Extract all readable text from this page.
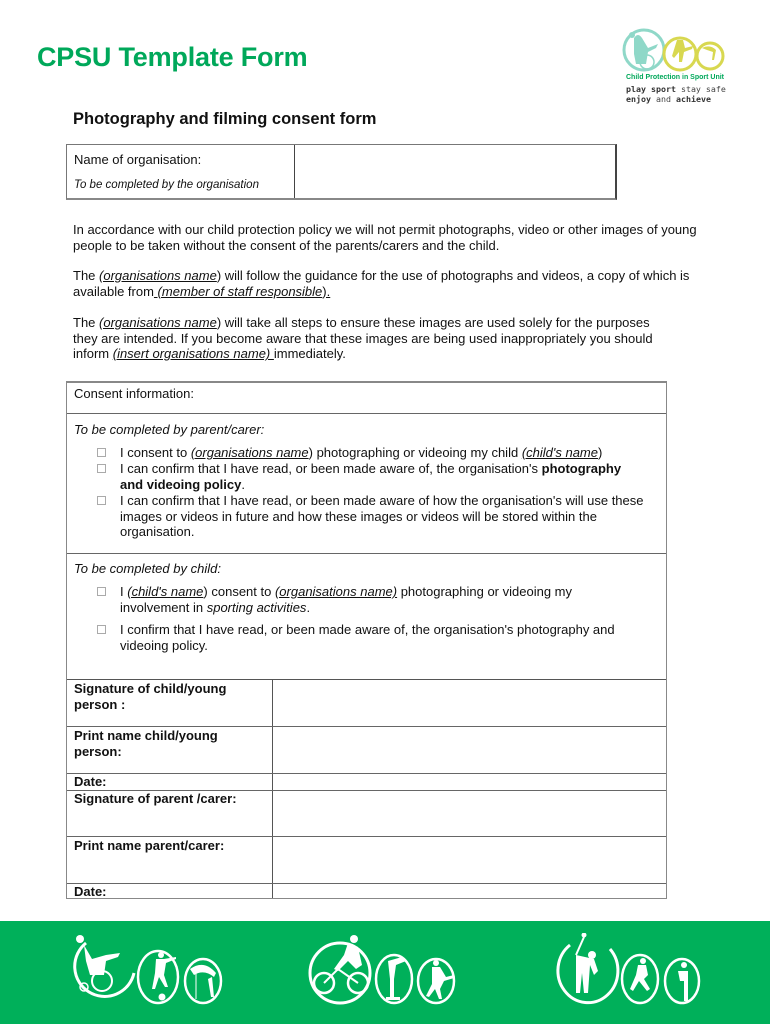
CPSU Template Form
Child Protection in Sport Unit
play sport stay safe
enjoy and achieve
Photography and filming consent form
Name of organisation:
To be completed by the organisation
In accordance with our child protection policy we will not permit photographs, video or other images of young people to be taken without the consent of the parents/carers and the child.
The (organisations name) will follow the guidance for the use of photographs and videos, a copy of which is available from (member of staff responsible).
The (organisations name) will take all steps to ensure these images are used solely for the purposes they are intended. If you become aware that these images are being used inappropriately you should inform (insert organisations name) immediately.
Consent information:
To be completed by parent/carer:
I consent to (organisations name) photographing or videoing my child (child's name)
I can confirm that I have read, or been made aware of, the organisation's photography and videoing policy.
I can confirm that I have read, or been made aware of how the organisation's will use these images or videos in future and how these images or videos will be stored within the organisation.
To be completed by child:
I (child's name) consent to (organisations name) photographing or videoing my involvement in sporting activities.
I confirm that I have read, or been made aware of, the organisation's photography and videoing policy.
Signature of child/young person :
Print name child/young person:
Date:
Signature of parent /carer:
Print name parent/carer:
Date:
